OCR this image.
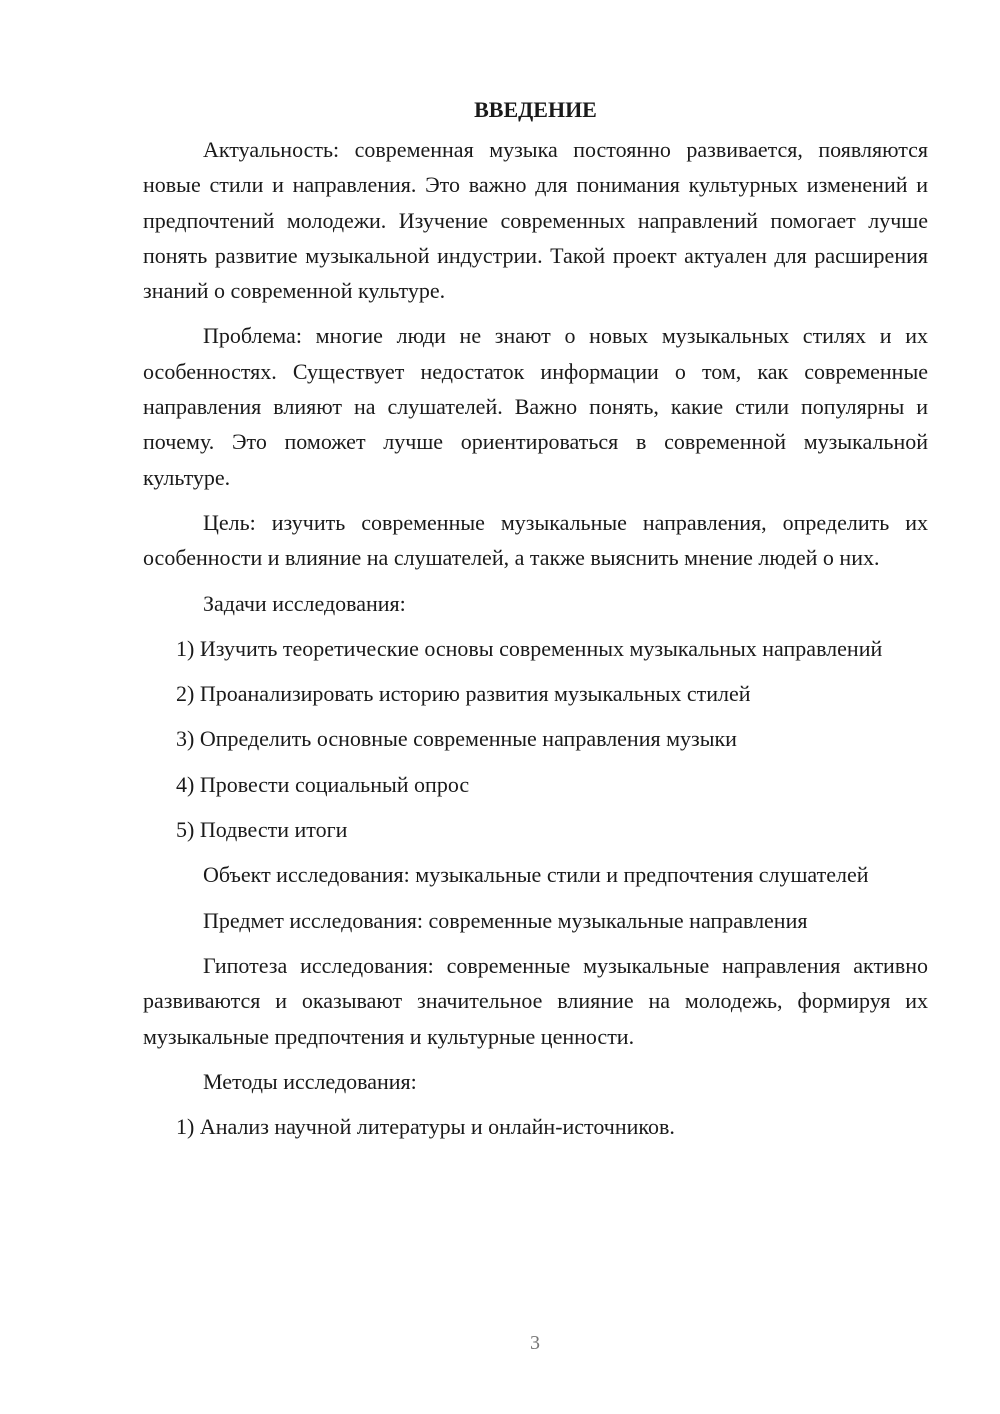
ВВЕДЕНИЕ

Актуальность: современная музыка постоянно развивается, появляются новые стили и направления. Это важно для понимания культурных изменений и предпочтений молодежи. Изучение современных направлений помогает лучше понять развитие музыкальной индустрии. Такой проект актуален для расширения знаний о современной культуре.

Проблема: многие люди не знают о новых музыкальных стилях и их особенностях. Существует недостаток информации о том, как современные направления влияют на слушателей. Важно понять, какие стили популярны и почему. Это поможет лучше ориентироваться в современной музыкальной культуре.

Цель: изучить современные музыкальные направления, определить их особенности и влияние на слушателей, а также выяснить мнение людей о них.

Задачи исследования:

1) Изучить теоретические основы современных музыкальных направлений

2) Проанализировать историю развития музыкальных стилей

3) Определить основные современные направления музыки

4) Провести социальный опрос

5) Подвести итоги

Объект исследования: музыкальные стили и предпочтения слушателей

Предмет исследования: современные музыкальные направления

Гипотеза исследования: современные музыкальные направления активно развиваются и оказывают значительное влияние на молодежь, формируя их музыкальные предпочтения и культурные ценности.

Методы исследования:

1) Анализ научной литературы и онлайн-источников.

3
